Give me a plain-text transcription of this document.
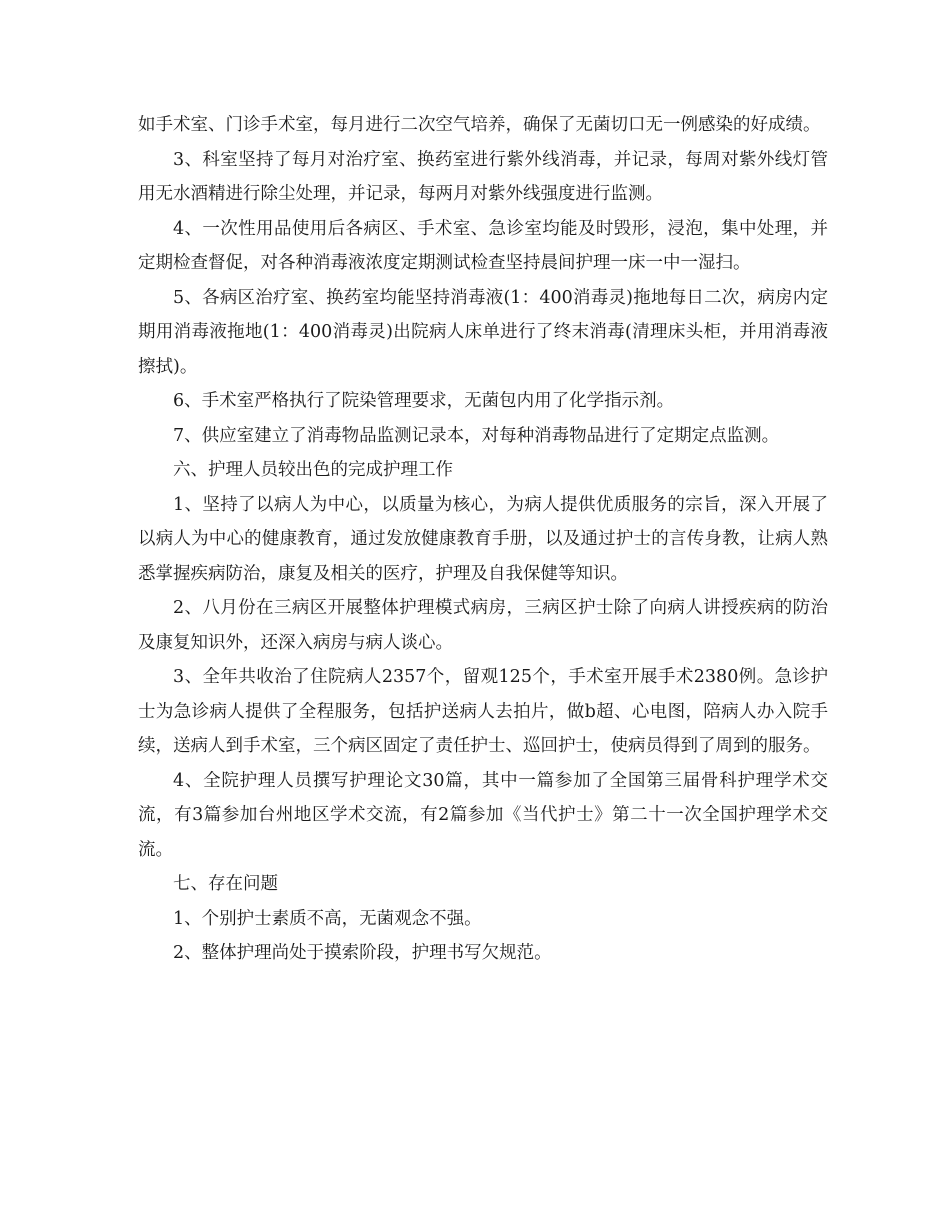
如手术室、门诊手术室，每月进行二次空气培养，确保了无菌切口无一例感染的好成绩。

3、科室坚持了每月对治疗室、换药室进行紫外线消毒，并记录，每周对紫外线灯管用无水酒精进行除尘处理，并记录，每两月对紫外线强度进行监测。

4、一次性用品使用后各病区、手术室、急诊室均能及时毁形，浸泡，集中处理，并定期检查督促，对各种消毒液浓度定期测试检查坚持晨间护理一床一中一湿扫。

5、各病区治疗室、换药室均能坚持消毒液(1：400消毒灵)拖地每日二次，病房内定期用消毒液拖地(1：400消毒灵)出院病人床单进行了终末消毒(清理床头柜，并用消毒液擦拭)。

6、手术室严格执行了院染管理要求，无菌包内用了化学指示剂。

7、供应室建立了消毒物品监测记录本，对每种消毒物品进行了定期定点监测。

六、护理人员较出色的完成护理工作

1、坚持了以病人为中心，以质量为核心，为病人提供优质服务的宗旨，深入开展了以病人为中心的健康教育，通过发放健康教育手册，以及通过护士的言传身教，让病人熟悉掌握疾病防治，康复及相关的医疗，护理及自我保健等知识。

2、八月份在三病区开展整体护理模式病房，三病区护士除了向病人讲授疾病的防治及康复知识外，还深入病房与病人谈心。

3、全年共收治了住院病人2357个，留观125个，手术室开展手术2380例。急诊护士为急诊病人提供了全程服务，包括护送病人去拍片，做b超、心电图，陪病人办入院手续，送病人到手术室，三个病区固定了责任护士、巡回护士，使病员得到了周到的服务。

4、全院护理人员撰写护理论文30篇，其中一篇参加了全国第三届骨科护理学术交流，有3篇参加台州地区学术交流，有2篇参加《当代护士》第二十一次全国护理学术交流。

七、存在问题

1、个别护士素质不高，无菌观念不强。

2、整体护理尚处于摸索阶段，护理书写欠规范。
